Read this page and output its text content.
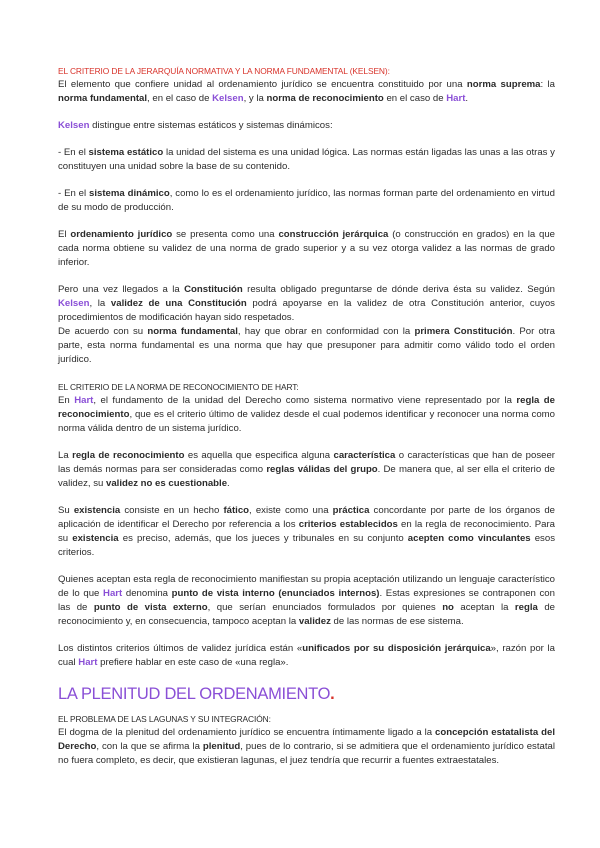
EL CRITERIO DE LA JERARQUÍA NORMATIVA Y LA NORMA FUNDAMENTAL (KELSEN):

El elemento que confiere unidad al ordenamiento jurídico se encuentra constituido por una norma suprema: la norma fundamental, en el caso de Kelsen, y la norma de reconocimiento en el caso de Hart.

Kelsen distingue entre sistemas estáticos y sistemas dinámicos:

- En el sistema estático la unidad del sistema es una unidad lógica. Las normas están ligadas las unas a las otras y constituyen una unidad sobre la base de su contenido.

- En el sistema dinámico, como lo es el ordenamiento jurídico, las normas forman parte del ordenamiento en virtud de su modo de producción.

El ordenamiento jurídico se presenta como una construcción jerárquica (o construcción en grados) en la que cada norma obtiene su validez de una norma de grado superior y a su vez otorga validez a las normas de grado inferior.

Pero una vez llegados a la Constitución resulta obligado preguntarse de dónde deriva ésta su validez. Según Kelsen, la validez de una Constitución podrá apoyarse en la validez de otra Constitución anterior, cuyos procedimientos de modificación hayan sido respetados.

De acuerdo con su norma fundamental, hay que obrar en conformidad con la primera Constitución. Por otra parte, esta norma fundamental es una norma que hay que presuponer para admitir como válido todo el orden jurídico.

EL CRITERIO DE LA NORMA DE RECONOCIMIENTO DE HART:

En Hart, el fundamento de la unidad del Derecho como sistema normativo viene representado por la regla de reconocimiento, que es el criterio último de validez desde el cual podemos identificar y reconocer una norma como norma válida dentro de un sistema jurídico.

La regla de reconocimiento es aquella que especifica alguna característica o características que han de poseer las demás normas para ser consideradas como reglas válidas del grupo. De manera que, al ser ella el criterio de validez, su validez no es cuestionable.

Su existencia consiste en un hecho fático, existe como una práctica concordante por parte de los órganos de aplicación de identificar el Derecho por referencia a los criterios establecidos en la regla de reconocimiento. Para su existencia es preciso, además, que los jueces y tribunales en su conjunto acepten como vinculantes esos criterios.

Quienes aceptan esta regla de reconocimiento manifiestan su propia aceptación utilizando un lenguaje característico de lo que Hart denomina punto de vista interno (enunciados internos). Estas expresiones se contraponen con las de punto de vista externo, que serían enunciados formulados por quienes no aceptan la regla de reconocimiento y, en consecuencia, tampoco aceptan la validez de las normas de ese sistema.

Los distintos criterios últimos de validez jurídica están «unificados por su disposición jerárquica», razón por la cual Hart prefiere hablar en este caso de «una regla».

LA PLENITUD DEL ORDENAMIENTO.

EL PROBLEMA DE LAS LAGUNAS Y SU INTEGRACIÓN:

El dogma de la plenitud del ordenamiento jurídico se encuentra íntimamente ligado a la concepción estatalista del Derecho, con la que se afirma la plenitud, pues de lo contrario, si se admitiera que el ordenamiento jurídico estatal no fuera completo, es decir, que existieran lagunas, el juez tendría que recurrir a fuentes extraestatales.
